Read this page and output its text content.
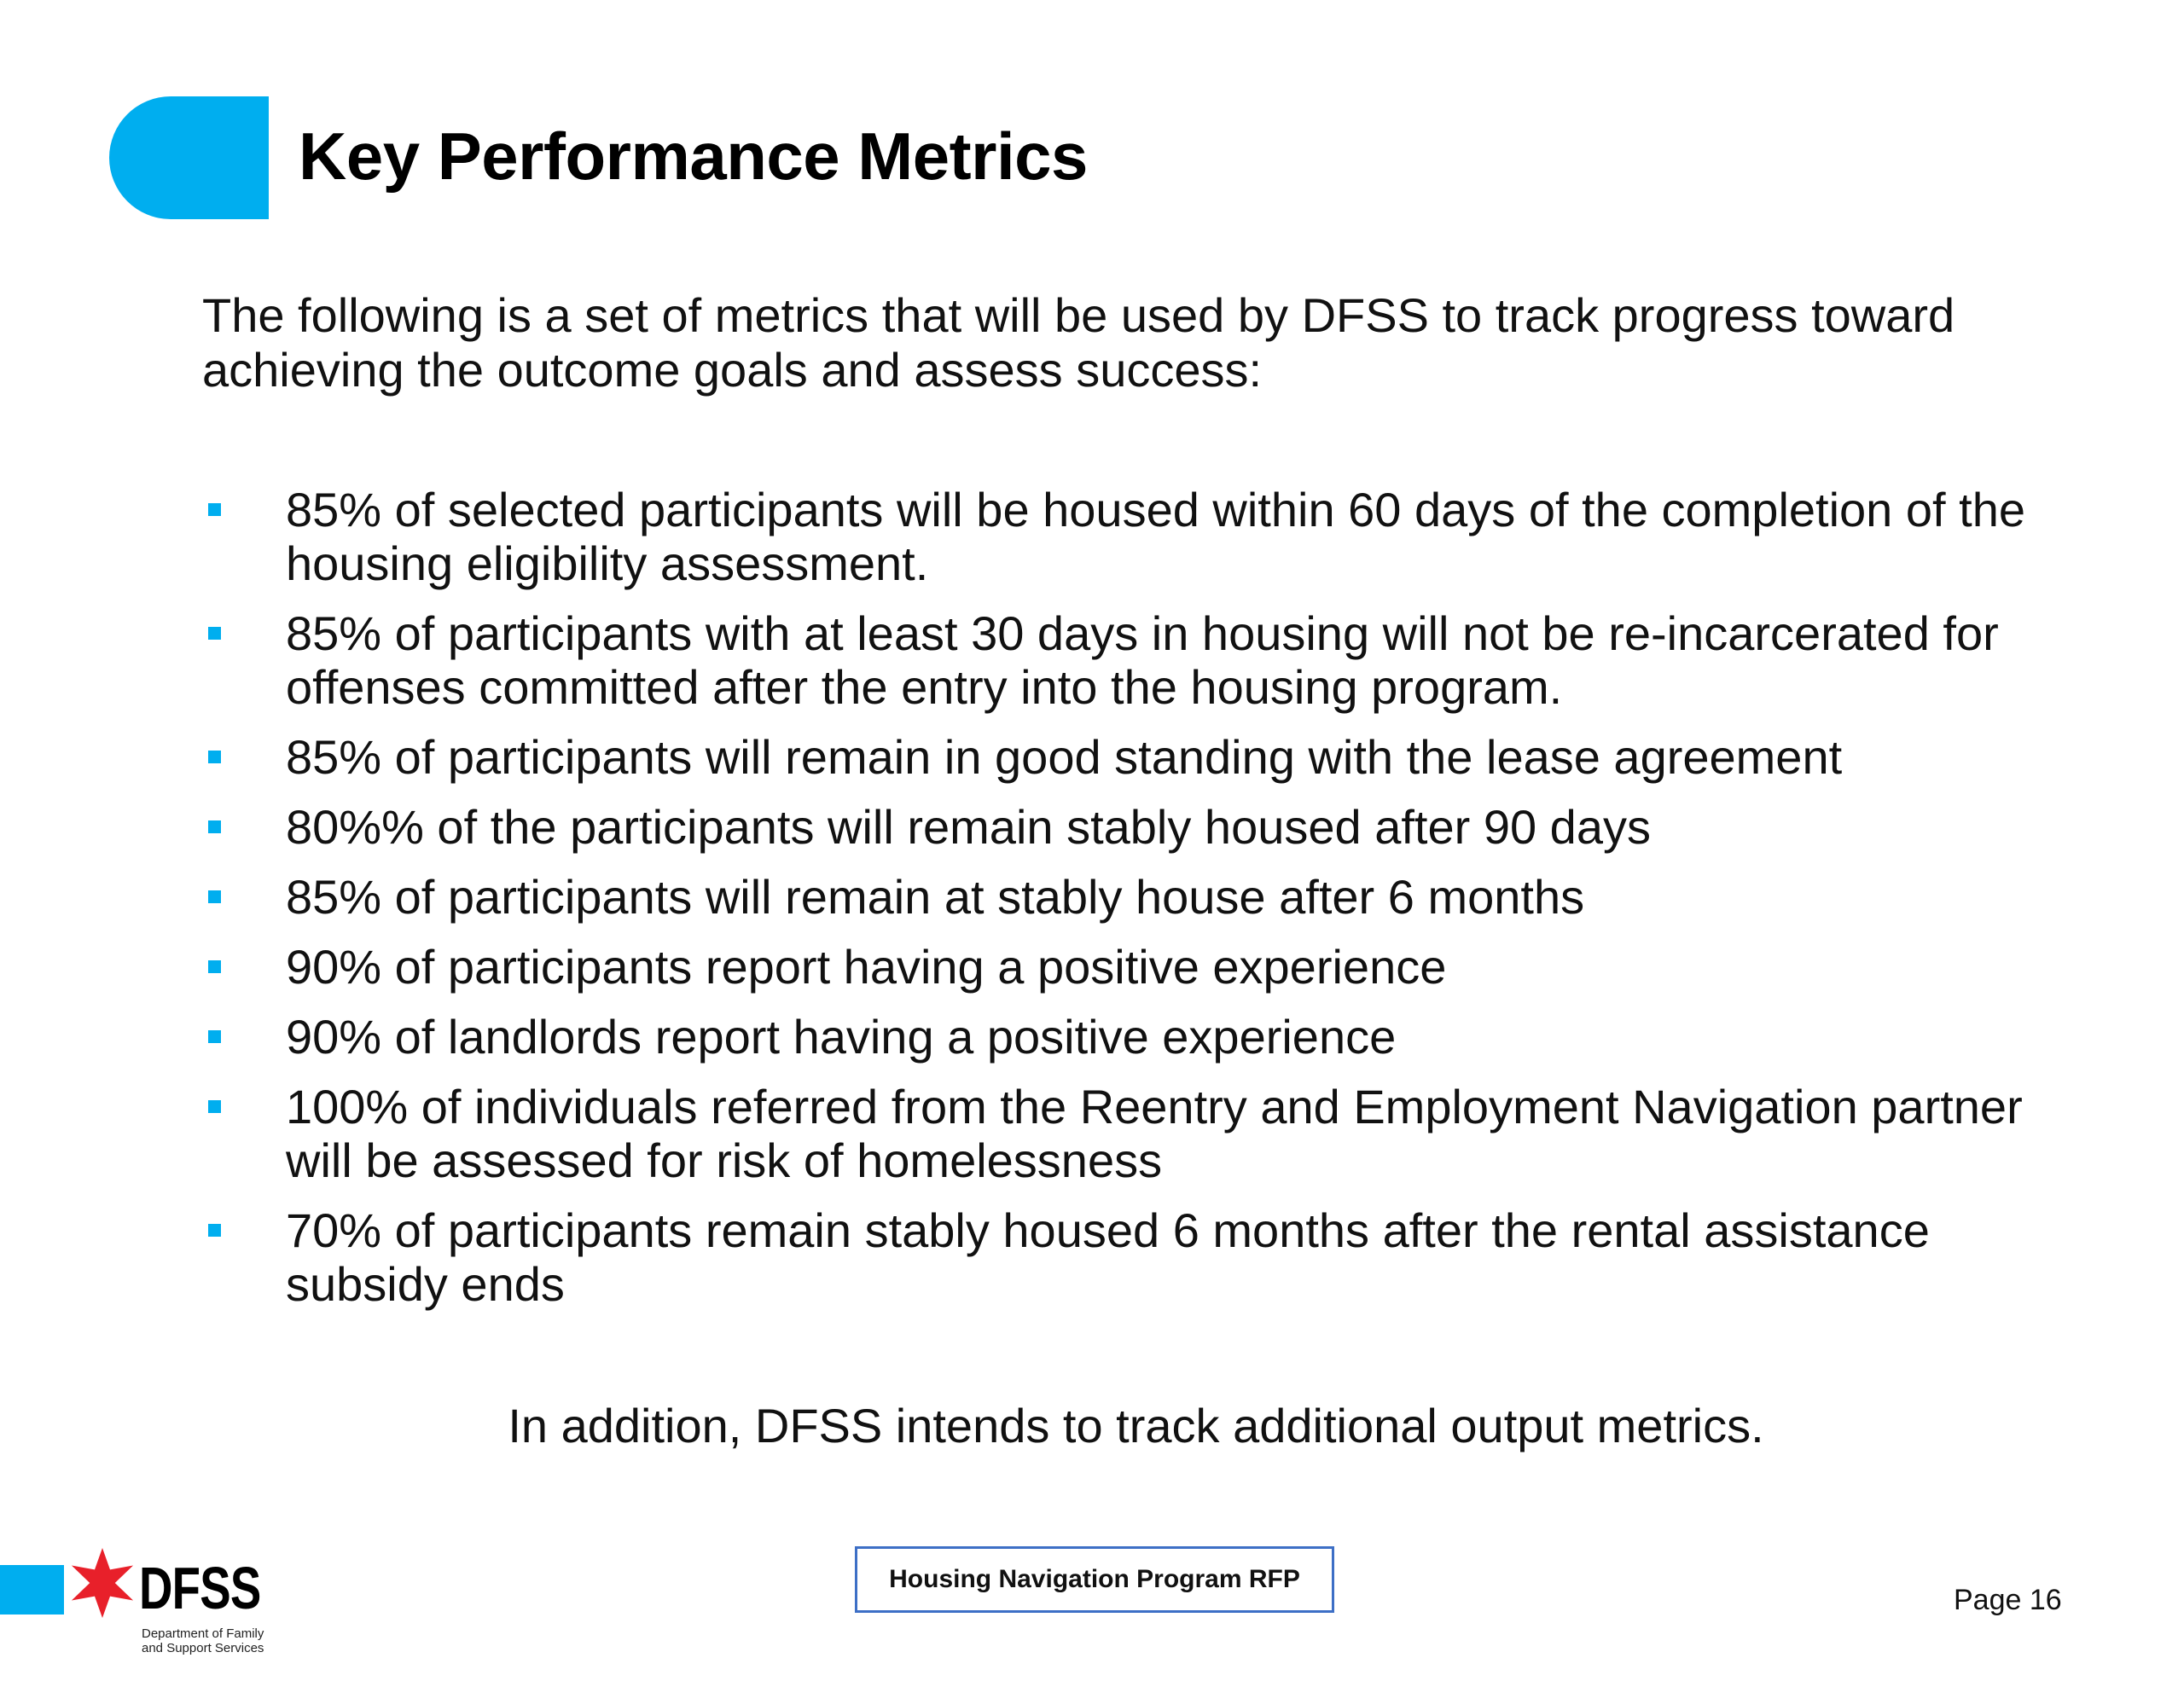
Key Performance Metrics

The following is a set of metrics that will be used by DFSS to track progress toward achieving the outcome goals and assess success:

85% of selected participants will be housed within 60 days of the completion of the housing eligibility assessment.
85% of participants with at least 30 days in housing will not be re-incarcerated for offenses committed after the entry into the housing program.
85% of participants will remain in good standing with the lease agreement
80%% of the participants will remain stably housed after 90 days
85% of participants will remain at stably house after 6 months
90% of participants report having a positive experience
90% of landlords report having a positive experience
100% of individuals referred from the Reentry and Employment Navigation partner will be assessed for risk of homelessness
70% of participants remain stably housed 6 months after the rental assistance subsidy ends

In addition, DFSS intends to track additional output metrics.

DFSS
Department of Family
and Support Services
Housing Navigation Program RFP
Page 16
